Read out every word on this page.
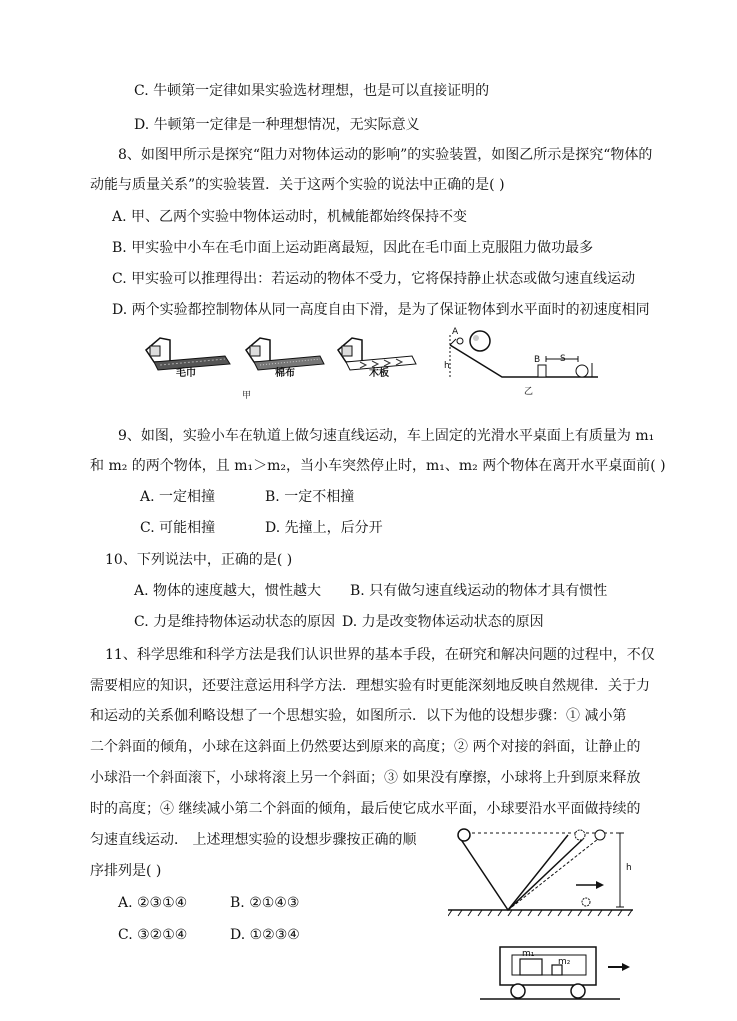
C. 牛顿第一定律如果实验选材理想，也是可以直接证明的
D. 牛顿第一定律是一种理想情况，无实际意义
8、如图甲所示是探究“阻力对物体运动的影响”的实验装置，如图乙所示是探究“物体的
动能与质量关系”的实验装置．关于这两个实验的说法中正确的是( )
A. 甲、乙两个实验中物体运动时，机械能都始终保持不变
B. 甲实验中小车在毛巾面上运动距离最短，因此在毛巾面上克服阻力做功最多
C. 甲实验可以推理得出：若运动的物体不受力，它将保持静止状态或做匀速直线运动
D. 两个实验都控制物体从同一高度自由下滑，是为了保证物体到水平面时的初速度相同
毛巾	棉布	木板
甲
A
h
B S
乙
9、如图，实验小车在轨道上做匀速直线运动，车上固定的光滑水平桌面上有质量为 m₁
和 m₂ 的两个物体，且 m₁＞m₂，当小车突然停止时，m₁、m₂ 两个物体在离开水平桌面前( )
A. 一定相撞	B. 一定不相撞
C. 可能相撞	D. 先撞上，后分开
10、下列说法中，正确的是( )
A. 物体的速度越大，惯性越大 B. 只有做匀速直线运动的物体才具有惯性
C. 力是维持物体运动状态的原因 D. 力是改变物体运动状态的原因
11、科学思维和科学方法是我们认识世界的基本手段，在研究和解决问题的过程中，不仅
需要相应的知识，还要注意运用科学方法．理想实验有时更能深刻地反映自然规律．关于力
和运动的关系伽利略设想了一个思想实验，如图所示．以下为他的设想步骤：① 减小第
二个斜面的倾角，小球在这斜面上仍然要达到原来的高度；② 两个对接的斜面，让静止的
小球沿一个斜面滚下，小球将滚上另一个斜面；③ 如果没有摩擦，小球将上升到原来释放
时的高度；④ 继续减小第二个斜面的倾角，最后使它成水平面，小球要沿水平面做持续的
匀速直线运动． 上述理想实验的设想步骤按正确的顺
序排列是( )
A. ②③①④	B. ②①④③
C. ③②①④	D. ①②③④
h
m₁
m₂
